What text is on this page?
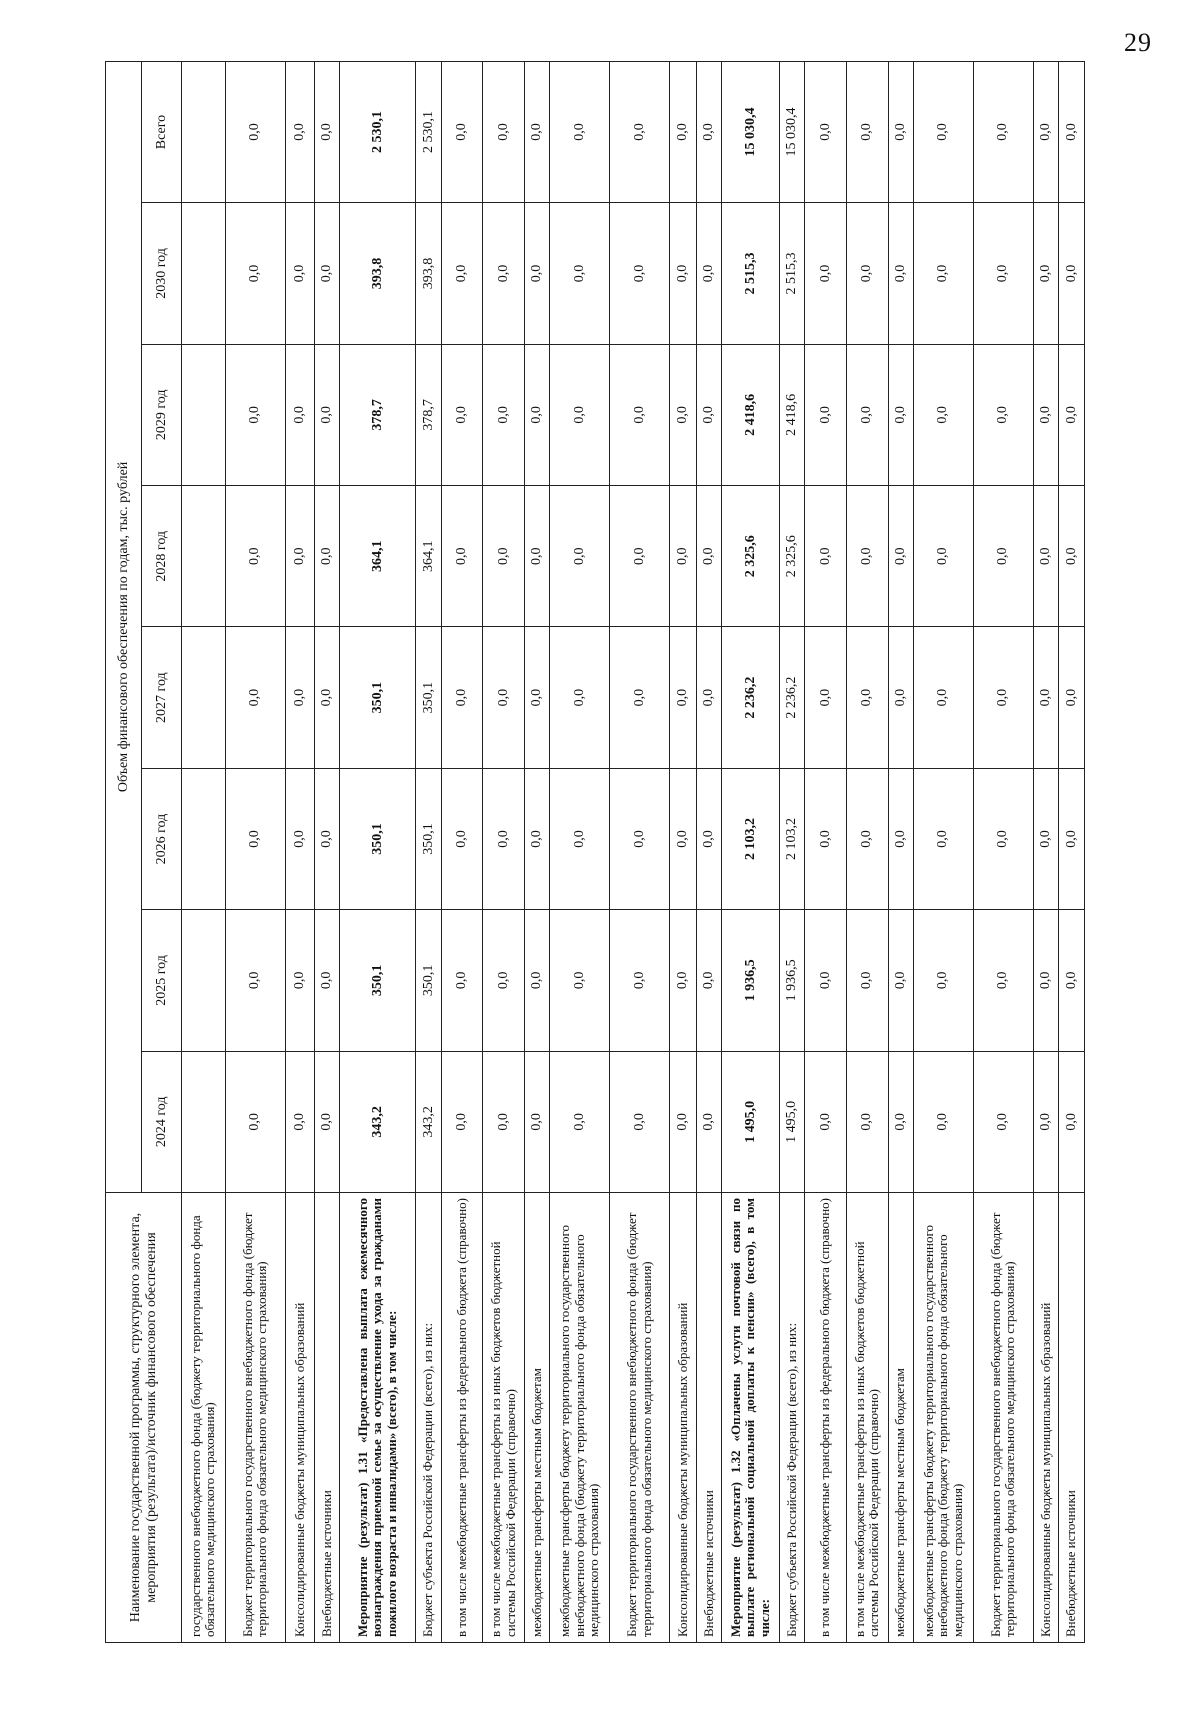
29
Наименование государственной программы, структурного элемента, мероприятия (результата)/источник финансового обеспечения	Объем финансового обеспечения по годам, тыс. рублей							
	2024 год	2025 год	2026 год	2027 год	2028 год	2029 год	2030 год	Всего
государственного внебюджетного фонда (бюджету территориального фонда обязательного медицинского страхования)								
Бюджет территориального государственного внебюджетного фонда (бюджет территориального фонда обязательного медицинского страхования)	0,0	0,0	0,0	0,0	0,0	0,0	0,0	0,0
Консолидированные бюджеты муниципальных образований	0,0	0,0	0,0	0,0	0,0	0,0	0,0	0,0
Внебюджетные источники	0,0	0,0	0,0	0,0	0,0	0,0	0,0	0,0
Мероприятие (результат) 1.31 «Предоставлена выплата ежемесячного вознаграждения приемной семье за осуществление ухода за гражданами пожилого возраста и инвалидами» (всего), в том числе:	343,2	350,1	350,1	350,1	364,1	378,7	393,8	2 530,1
Бюджет субъекта Российской Федерации (всего), из них:	343,2	350,1	350,1	350,1	364,1	378,7	393,8	2 530,1
в том числе межбюджетные трансферты из федерального бюджета (справочно)	0,0	0,0	0,0	0,0	0,0	0,0	0,0	0,0
в том числе межбюджетные трансферты из иных бюджетов бюджетной системы Российской Федерации (справочно)	0,0	0,0	0,0	0,0	0,0	0,0	0,0	0,0
межбюджетные трансферты местным бюджетам	0,0	0,0	0,0	0,0	0,0	0,0	0,0	0,0
межбюджетные трансферты бюджету территориального государственного внебюджетного фонда (бюджету территориального фонда обязательного медицинского страхования)	0,0	0,0	0,0	0,0	0,0	0,0	0,0	0,0
Бюджет территориального государственного внебюджетного фонда (бюджет территориального фонда обязательного медицинского страхования)	0,0	0,0	0,0	0,0	0,0	0,0	0,0	0,0
Консолидированные бюджеты муниципальных образований	0,0	0,0	0,0	0,0	0,0	0,0	0,0	0,0
Внебюджетные источники	0,0	0,0	0,0	0,0	0,0	0,0	0,0	0,0
Мероприятие (результат) 1.32 «Оплачены услуги почтовой связи по выплате региональной социальной доплаты к пенсии» (всего), в том числе:	1 495,0	1 936,5	2 103,2	2 236,2	2 325,6	2 418,6	2 515,3	15 030,4
Бюджет субъекта Российской Федерации (всего), из них:	1 495,0	1 936,5	2 103,2	2 236,2	2 325,6	2 418,6	2 515,3	15 030,4
в том числе межбюджетные трансферты из федерального бюджета (справочно)	0,0	0,0	0,0	0,0	0,0	0,0	0,0	0,0
в том числе межбюджетные трансферты из иных бюджетов бюджетной системы Российской Федерации (справочно)	0,0	0,0	0,0	0,0	0,0	0,0	0,0	0,0
межбюджетные трансферты местным бюджетам	0,0	0,0	0,0	0,0	0,0	0,0	0,0	0,0
межбюджетные трансферты бюджету территориального государственного внебюджетного фонда (бюджету территориального фонда обязательного медицинского страхования)	0,0	0,0	0,0	0,0	0,0	0,0	0,0	0,0
Бюджет территориального государственного внебюджетного фонда (бюджет территориального фонда обязательного медицинского страхования)	0,0	0,0	0,0	0,0	0,0	0,0	0,0	0,0
Консолидированные бюджеты муниципальных образований	0,0	0,0	0,0	0,0	0,0	0,0	0,0	0,0
Внебюджетные источники	0,0	0,0	0,0	0,0	0,0	0,0	0,0	0,0
